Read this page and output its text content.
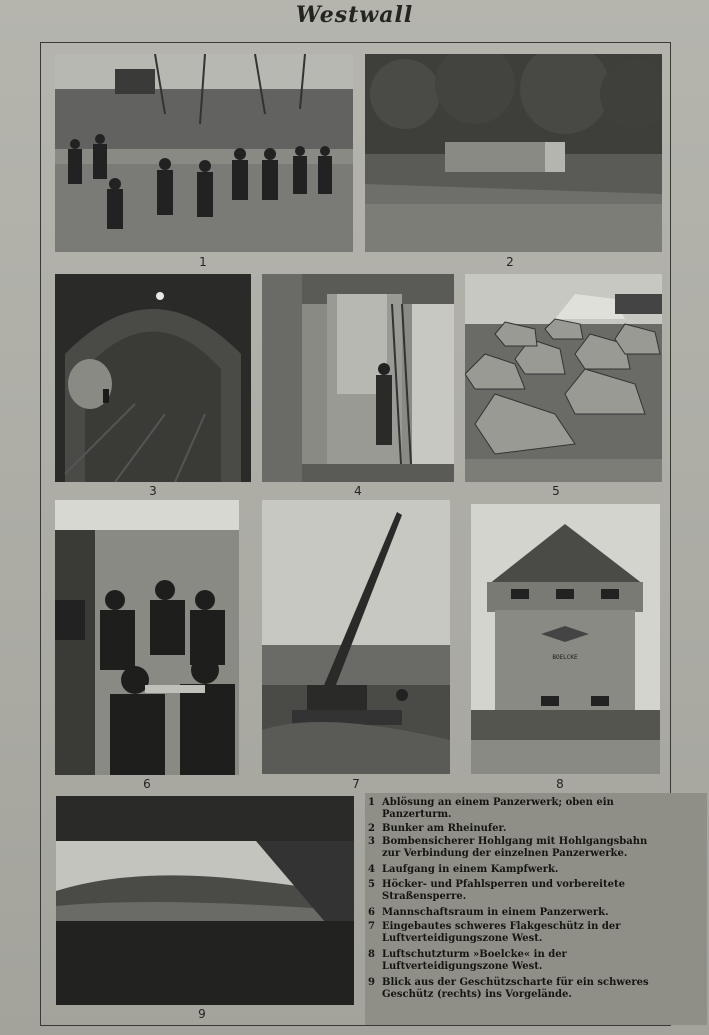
Westwall
1	2
3	4	5
6	7
BOELCKE
8
9
1 Ablösung an einem Panzerwerk; oben ein Panzerturm.
2 Bunker am Rheinufer.
3 Bombensicherer Hohlgang mit Hohlgangsbahn zur Verbindung der einzelnen Panzerwerke.
4 Laufgang in einem Kampfwerk.
5 Höcker- und Pfahlsperren und vorbereitete Straßensperre.
6 Mannschaftsraum in einem Panzerwerk.
7 Eingebautes schweres Flakgeschütz in der Luftverteidigungszone West.
8 Luftschutzturm »Boelcke« in der Luftverteidigungszone West.
9 Blick aus der Geschützscharte für ein schweres Geschütz (rechts) ins Vorgelände.
